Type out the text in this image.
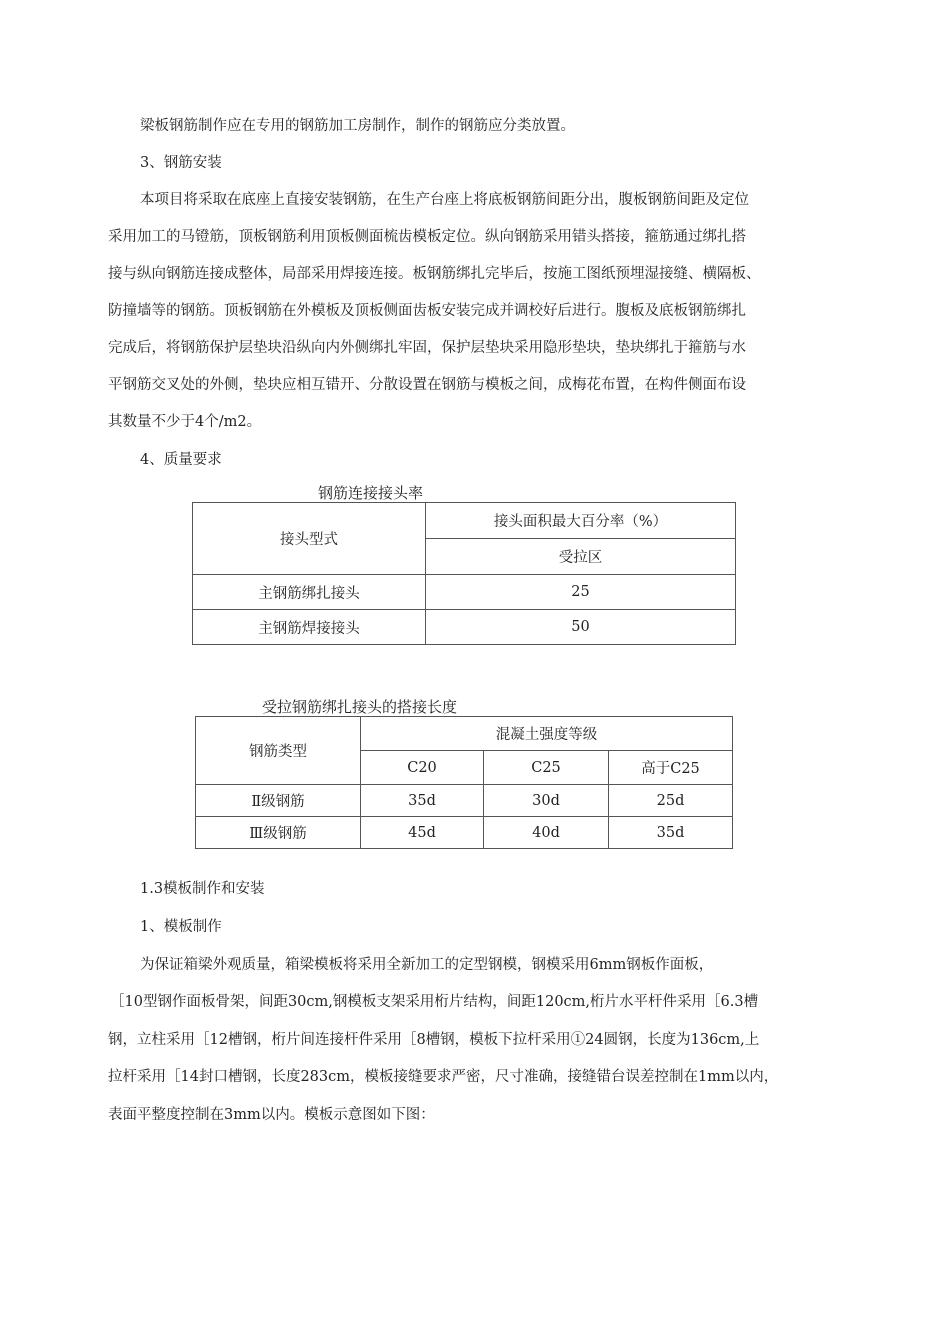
梁板钢筋制作应在专用的钢筋加工房制作，制作的钢筋应分类放置。
3、钢筋安装
本项目将采取在底座上直接安装钢筋，在生产台座上将底板钢筋间距分出，腹板钢筋间距及定位
采用加工的马镫筋，顶板钢筋利用顶板侧面梳齿模板定位。纵向钢筋采用错头搭接，箍筋通过绑扎搭
接与纵向钢筋连接成整体，局部采用焊接连接。板钢筋绑扎完毕后，按施工图纸预埋湿接缝、横隔板、
防撞墙等的钢筋。顶板钢筋在外模板及顶板侧面齿板安装完成并调校好后进行。腹板及底板钢筋绑扎
完成后，将钢筋保护层垫块沿纵向内外侧绑扎牢固，保护层垫块采用隐形垫块，垫块绑扎于箍筋与水
平钢筋交叉处的外侧，垫块应相互错开、分散设置在钢筋与模板之间，成梅花布置，在构件侧面布设
其数量不少于4个/m2。
4、质量要求
钢筋连接接头率
接头型式	接头面积最大百分率（%）
	受拉区
主钢筋绑扎接头	25
主钢筋焊接接头	50
受拉钢筋绑扎接头的搭接长度
钢筋类型	混凝土强度等级		
	C20	C25	高于C25
Ⅱ级钢筋	35d	30d	25d
Ⅲ级钢筋	45d	40d	35d
1.3模板制作和安装
1、模板制作
为保证箱梁外观质量，箱梁模板将采用全新加工的定型钢模，钢模采用6mm钢板作面板，
［10型钢作面板骨架，间距30cm,钢模板支架采用桁片结构，间距120cm,桁片水平杆件采用［6.3槽
钢，立柱采用［12槽钢，桁片间连接杆件采用［8槽钢，模板下拉杆采用①24圆钢，长度为136cm,上
拉杆采用［14封口槽钢，长度283cm，模板接缝要求严密，尺寸准确，接缝错台误差控制在1mm以内，
表面平整度控制在3mm以内。模板示意图如下图：
